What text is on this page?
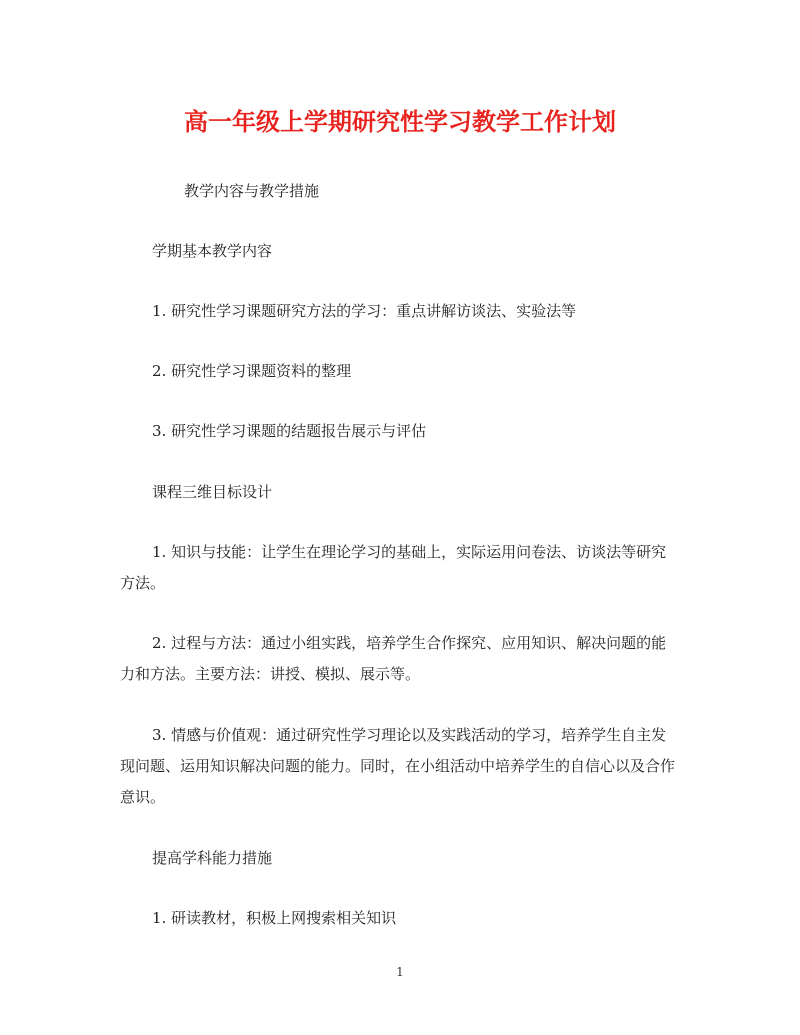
高一年级上学期研究性学习教学工作计划

教学内容与教学措施

学期基本教学内容

1. 研究性学习课题研究方法的学习：重点讲解访谈法、实验法等

2. 研究性学习课题资料的整理

3. 研究性学习课题的结题报告展示与评估

课程三维目标设计

1. 知识与技能：让学生在理论学习的基础上，实际运用问卷法、访谈法等研究方法。

2. 过程与方法：通过小组实践，培养学生合作探究、应用知识、解决问题的能力和方法。主要方法：讲授、模拟、展示等。

3. 情感与价值观：通过研究性学习理论以及实践活动的学习，培养学生自主发现问题、运用知识解决问题的能力。同时，在小组活动中培养学生的自信心以及合作意识。

提高学科能力措施

1. 研读教材，积极上网搜索相关知识

1
